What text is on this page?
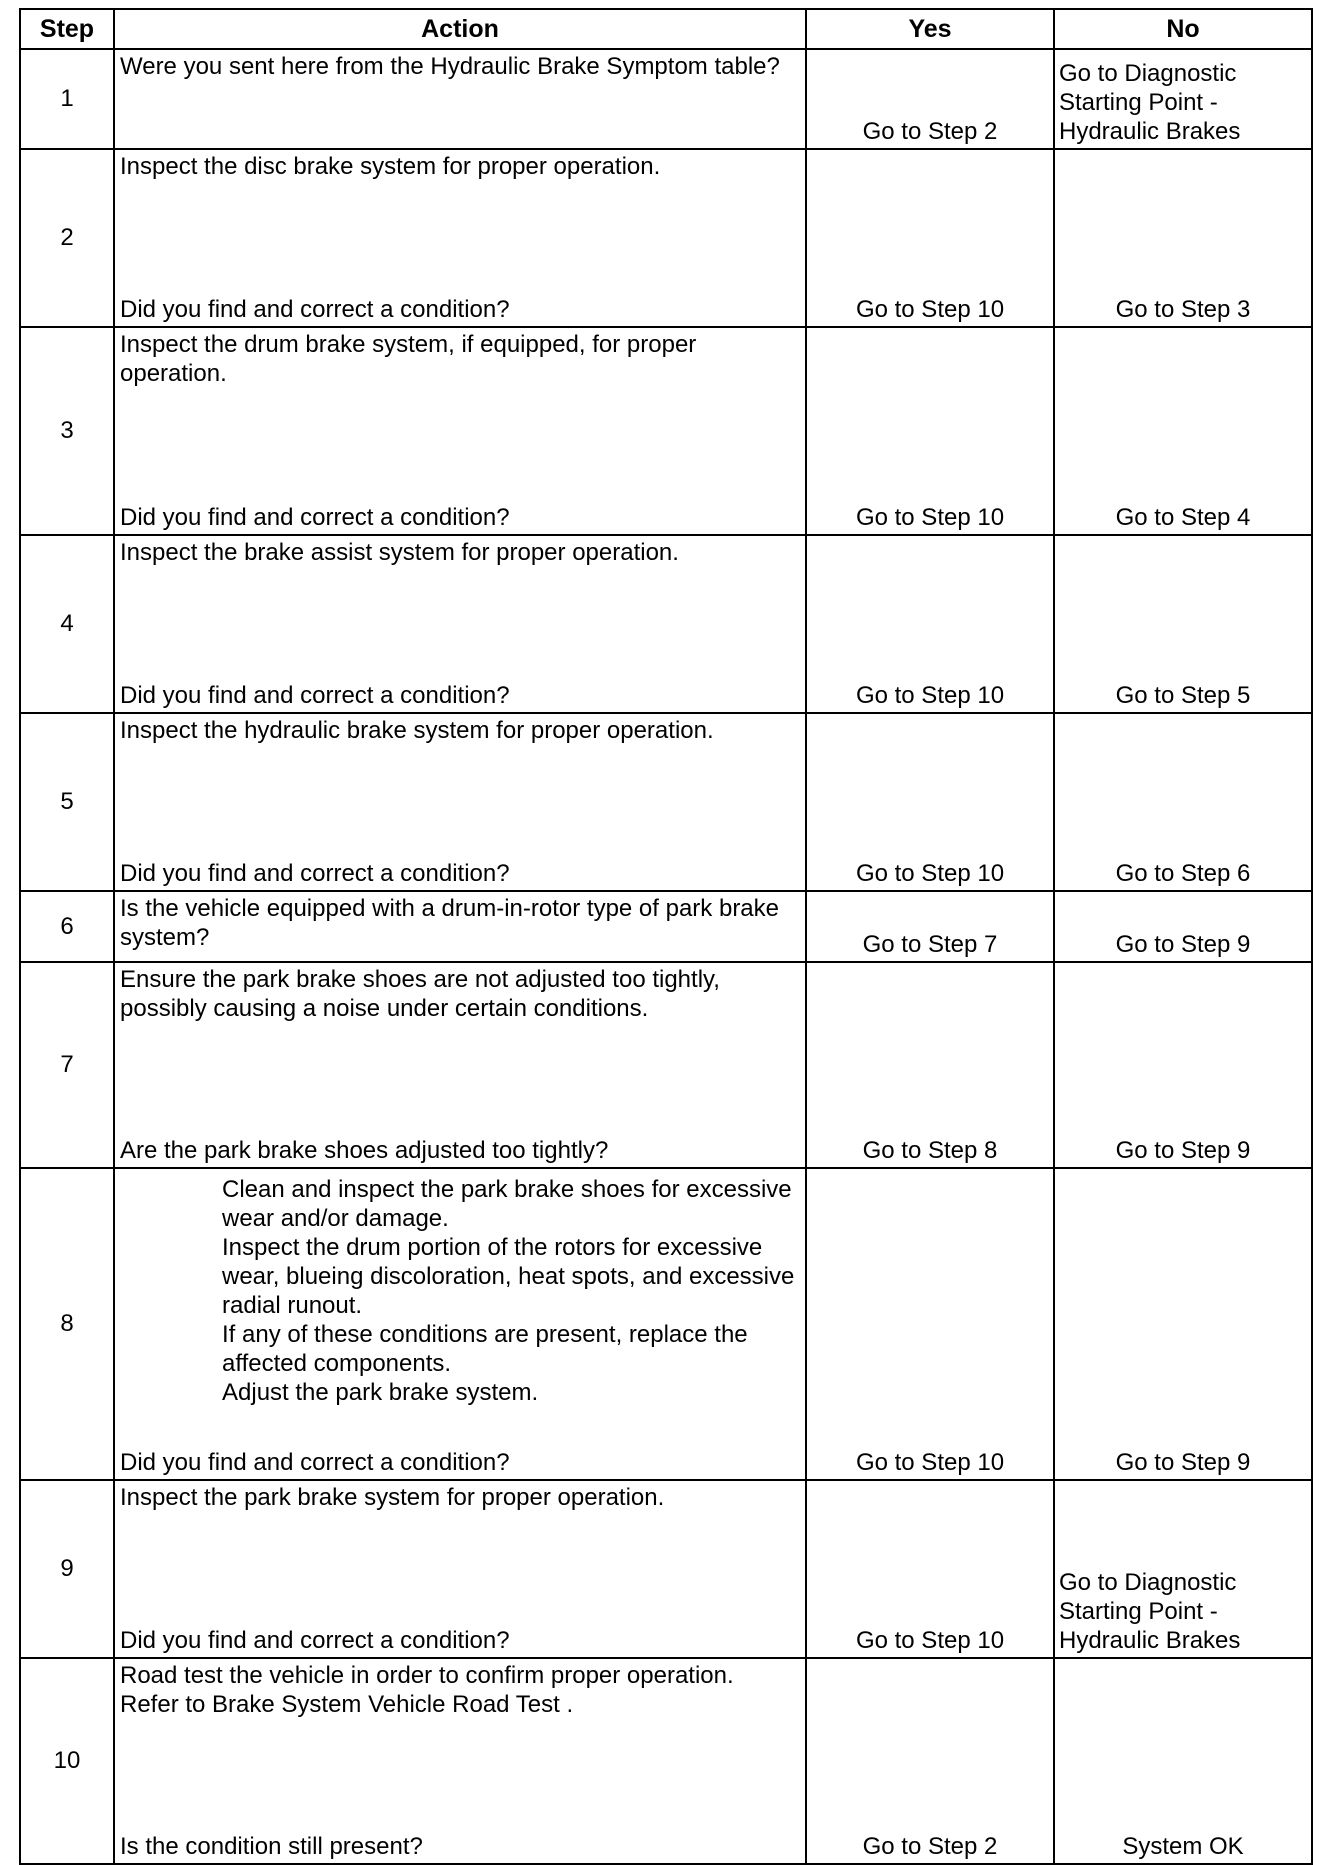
Step	Action	Yes	No
1	Were you sent here from the Hydraulic Brake Symptom table?	Go to Step 2	Go to Diagnostic Starting Point - Hydraulic Brakes

2	Inspect the disc brake system for proper operation.
Did you find and correct a condition?	Go to Step 10	Go to Step 3

3	Inspect the drum brake system, if equipped, for proper operation.
Did you find and correct a condition?	Go to Step 10	Go to Step 4

4	Inspect the brake assist system for proper operation.
Did you find and correct a condition?	Go to Step 10	Go to Step 5

5	Inspect the hydraulic brake system for proper operation.
Did you find and correct a condition?	Go to Step 10	Go to Step 6

6	Is the vehicle equipped with a drum-in-rotor type of park brake system?	Go to Step 7	Go to Step 9

7	Ensure the park brake shoes are not adjusted too tightly, possibly causing a noise under certain conditions.
Are the park brake shoes adjusted too tightly?	Go to Step 8	Go to Step 9

8	Clean and inspect the park brake shoes for excessive wear and/or damage.
Inspect the drum portion of the rotors for excessive wear, blueing discoloration, heat spots, and excessive radial runout.
If any of these conditions are present, replace the affected components.
Adjust the park brake system.
Did you find and correct a condition?	Go to Step 10	Go to Step 9

9	Inspect the park brake system for proper operation.
Did you find and correct a condition?	Go to Step 10	Go to Diagnostic Starting Point - Hydraulic Brakes

10	Road test the vehicle in order to confirm proper operation. Refer to Brake System Vehicle Road Test .
Is the condition still present?	Go to Step 2	System OK
